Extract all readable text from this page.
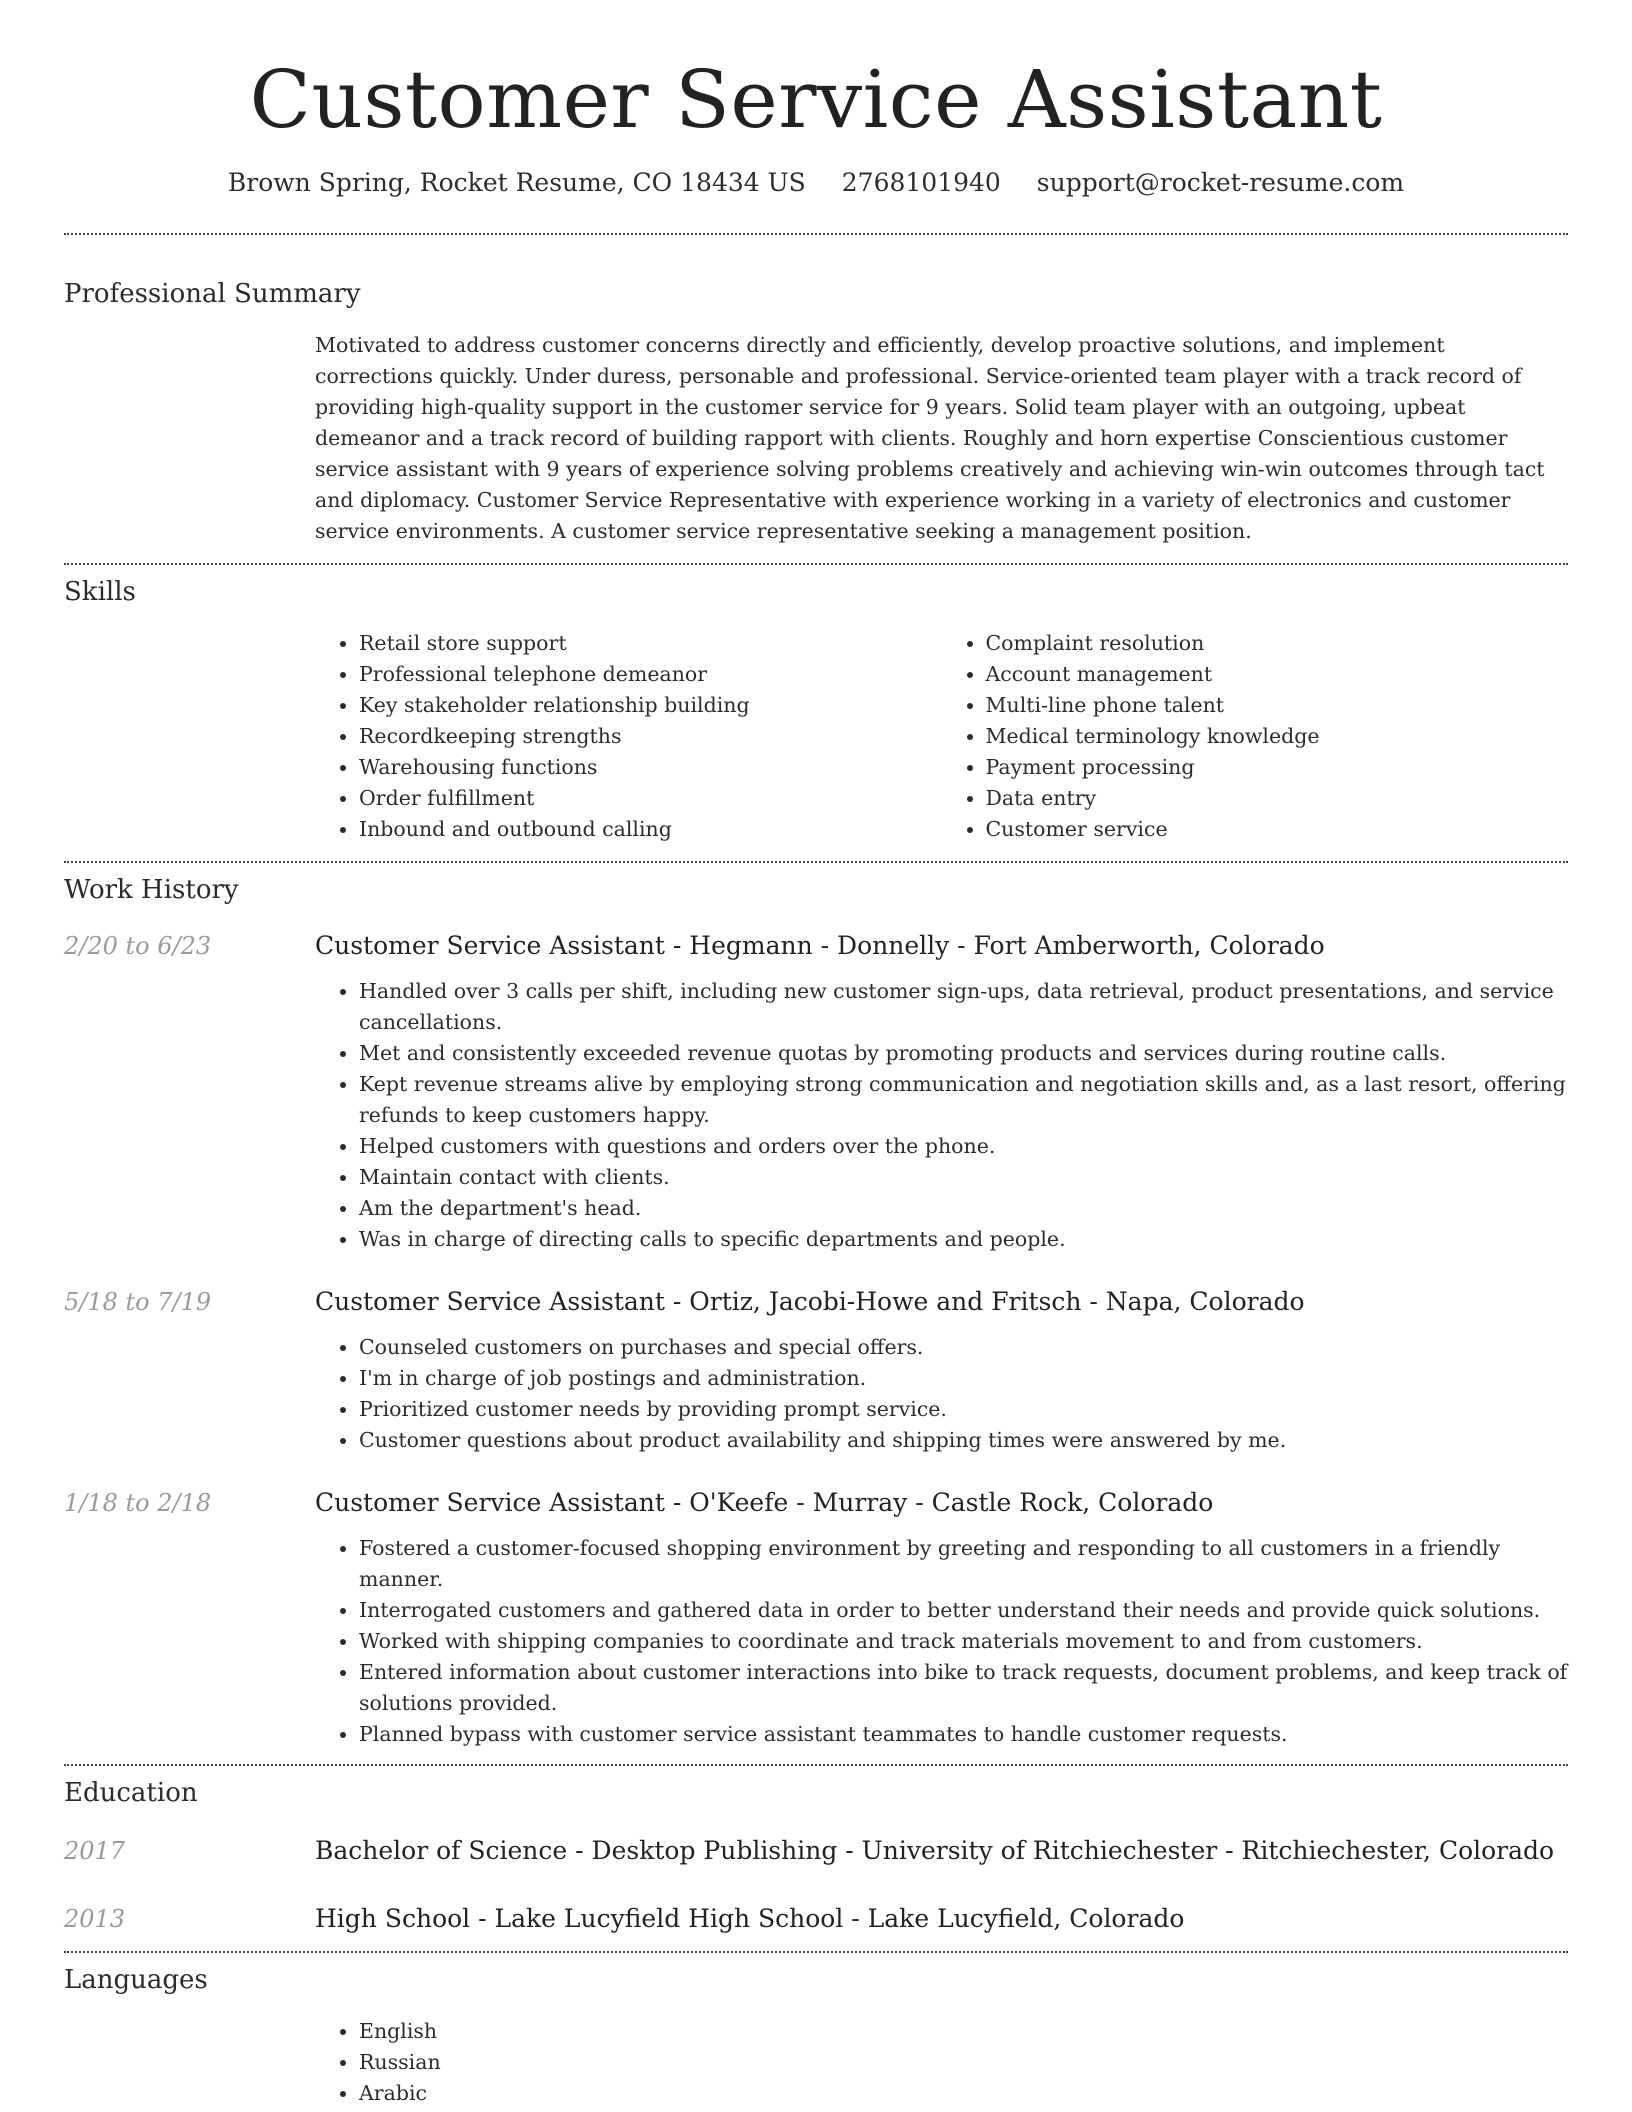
Customer Service Assistant
Brown Spring, Rocket Resume, CO 18434 US 2768101940 support@rocket-resume.com
Professional Summary

Motivated to address customer concerns directly and efficiently, develop proactive solutions, and implement corrections quickly. Under duress, personable and professional. Service-oriented team player with a track record of providing high-quality support in the customer service for 9 years. Solid team player with an outgoing, upbeat demeanor and a track record of building rapport with clients. Roughly and horn expertise Conscientious customer service assistant with 9 years of experience solving problems creatively and achieving win-win outcomes through tact and diplomacy. Customer Service Representative with experience working in a variety of electronics and customer service environments. A customer service representative seeking a management position.

Skills
• Retail store support
• Professional telephone demeanor
• Key stakeholder relationship building
• Recordkeeping strengths
• Warehousing functions
• Order fulfillment
• Inbound and outbound calling
• Complaint resolution
• Account management
• Multi-line phone talent
• Medical terminology knowledge
• Payment processing
• Data entry
• Customer service
Work History
2/20 to 6/23	Customer Service Assistant - Hegmann - Donnelly - Fort Amberworth, Colorado
• Handled over 3 calls per shift, including new customer sign-ups, data retrieval, product presentations, and service cancellations.
• Met and consistently exceeded revenue quotas by promoting products and services during routine calls.
• Kept revenue streams alive by employing strong communication and negotiation skills and, as a last resort, offering refunds to keep customers happy.
• Helped customers with questions and orders over the phone.
• Maintain contact with clients.
• Am the department's head.
• Was in charge of directing calls to specific departments and people.
5/18 to 7/19	Customer Service Assistant - Ortiz, Jacobi-Howe and Fritsch - Napa, Colorado
• Counseled customers on purchases and special offers.
• I'm in charge of job postings and administration.
• Prioritized customer needs by providing prompt service.
• Customer questions about product availability and shipping times were answered by me.
1/18 to 2/18	Customer Service Assistant - O'Keefe - Murray - Castle Rock, Colorado
• Fostered a customer-focused shopping environment by greeting and responding to all customers in a friendly manner.
• Interrogated customers and gathered data in order to better understand their needs and provide quick solutions.
• Worked with shipping companies to coordinate and track materials movement to and from customers.
• Entered information about customer interactions into bike to track requests, document problems, and keep track of solutions provided.
• Planned bypass with customer service assistant teammates to handle customer requests.
Education
2017	Bachelor of Science - Desktop Publishing - University of Ritchiechester - Ritchiechester, Colorado
2013	High School - Lake Lucyfield High School - Lake Lucyfield, Colorado
Languages
• English
• Russian
• Arabic
